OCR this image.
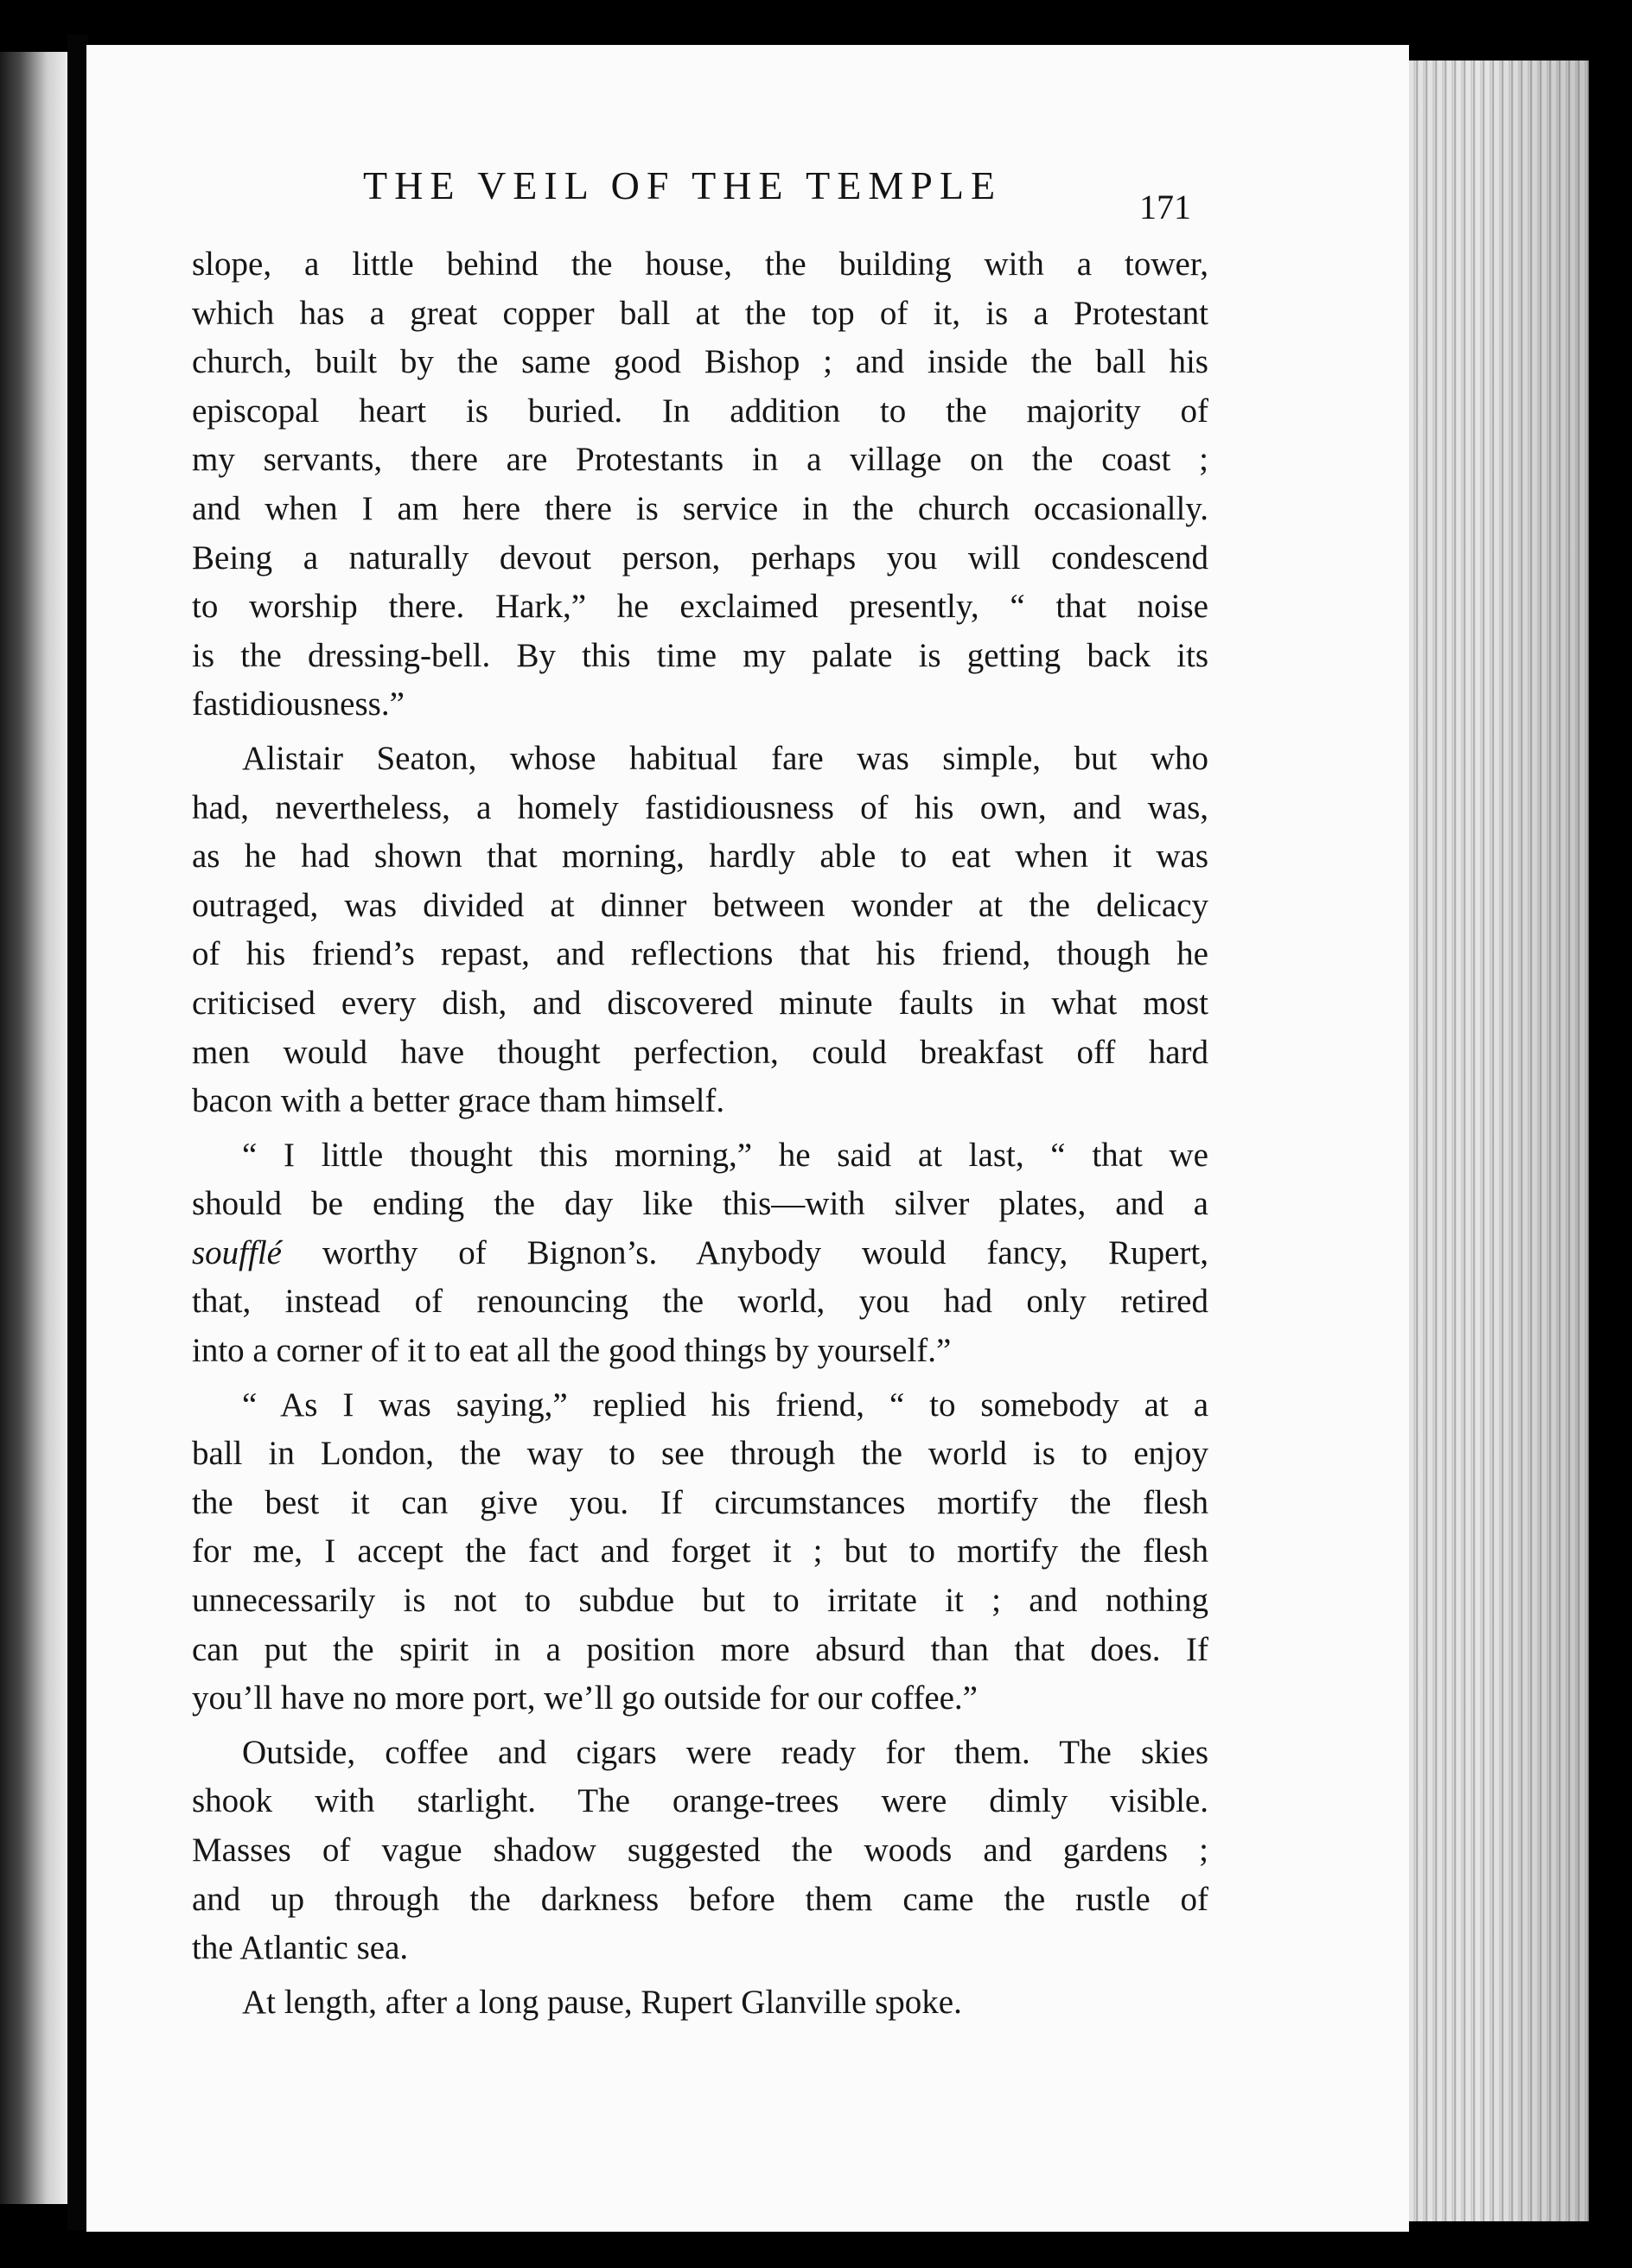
THE VEIL OF THE TEMPLE	171
slope, a little behind the house, the building with a tower,
which has a great copper ball at the top of it, is a Protestant
church, built by the same good Bishop ; and inside the ball his
episcopal heart is buried. In addition to the majority of
my servants, there are Protestants in a village on the coast ;
and when I am here there is service in the church occasionally.
Being a naturally devout person, perhaps you will condescend
to worship there. Hark,” he exclaimed presently, “ that noise
is the dressing-bell. By this time my palate is getting back its
fastidiousness.”
Alistair Seaton, whose habitual fare was simple, but who
had, nevertheless, a homely fastidiousness of his own, and was,
as he had shown that morning, hardly able to eat when it was
outraged, was divided at dinner between wonder at the delicacy
of his friend’s repast, and reflections that his friend, though he
criticised every dish, and discovered minute faults in what most
men would have thought perfection, could breakfast off hard
bacon with a better grace tham himself.
“ I little thought this morning,” he said at last, “ that we
should be ending the day like this—with silver plates, and a
soufflé worthy of Bignon’s. Anybody would fancy, Rupert,
that, instead of renouncing the world, you had only retired
into a corner of it to eat all the good things by yourself.”
“ As I was saying,” replied his friend, “ to somebody at a
ball in London, the way to see through the world is to enjoy
the best it can give you. If circumstances mortify the flesh
for me, I accept the fact and forget it ; but to mortify the flesh
unnecessarily is not to subdue but to irritate it ; and nothing
can put the spirit in a position more absurd than that does. If
you’ll have no more port, we’ll go outside for our coffee.”
Outside, coffee and cigars were ready for them. The skies
shook with starlight. The orange-trees were dimly visible.
Masses of vague shadow suggested the woods and gardens ;
and up through the darkness before them came the rustle of
the Atlantic sea.
At length, after a long pause, Rupert Glanville spoke.
